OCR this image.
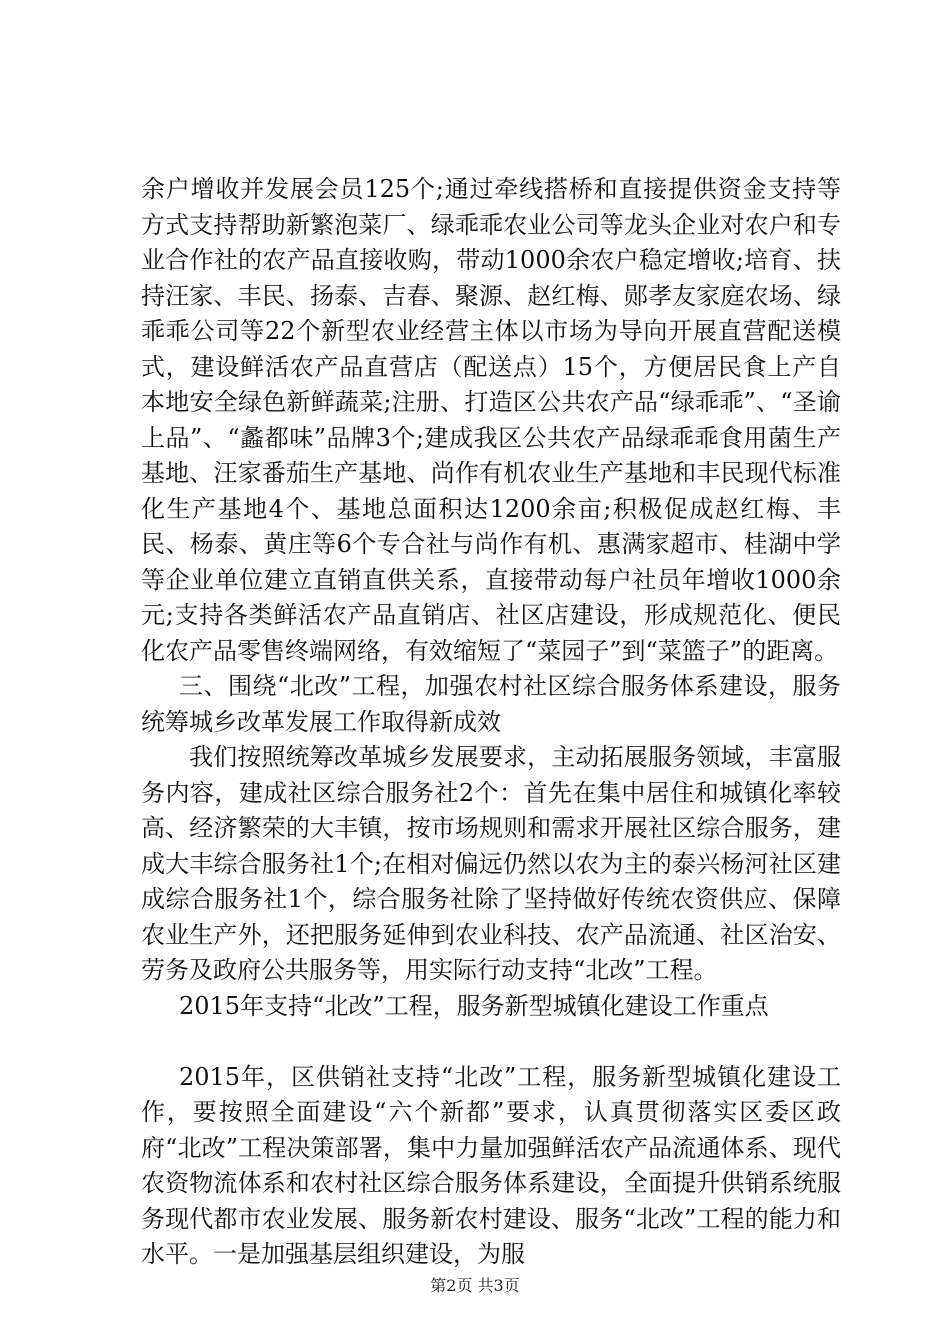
余户增收并发展会员125个;通过牵线搭桥和直接提供资金支持等方式支持帮助新繁泡菜厂、绿乖乖农业公司等龙头企业对农户和专业合作社的农产品直接收购，带动1000余农户稳定增收;培育、扶持汪家、丰民、扬泰、吉春、聚源、赵红梅、郧孝友家庭农场、绿乖乖公司等22个新型农业经营主体以市场为导向开展直营配送模式，建设鲜活农产品直营店（配送点）15个，方便居民食上产自本地安全绿色新鲜蔬菜;注册、打造区公共农产品“绿乖乖”、“圣谕上品”、“蠡都味”品牌3个;建成我区公共农产品绿乖乖食用菌生产基地、汪家番茄生产基地、尚作有机农业生产基地和丰民现代标准化生产基地4个、基地总面积达1200余亩;积极促成赵红梅、丰民、杨泰、黄庄等6个专合社与尚作有机、惠满家超市、桂湖中学等企业单位建立直销直供关系，直接带动每户社员年增收1000余元;支持各类鲜活农产品直销店、社区店建设，形成规范化、便民化农产品零售终端网络，有效缩短了“菜园子”到“菜篮子”的距离。

三、围绕“北改”工程，加强农村社区综合服务体系建设，服务统筹城乡改革发展工作取得新成效

我们按照统筹改革城乡发展要求，主动拓展服务领域，丰富服务内容，建成社区综合服务社2个：首先在集中居住和城镇化率较高、经济繁荣的大丰镇，按市场规则和需求开展社区综合服务，建成大丰综合服务社1个;在相对偏远仍然以农为主的泰兴杨河社区建成综合服务社1个，综合服务社除了坚持做好传统农资供应、保障农业生产外，还把服务延伸到农业科技、农产品流通、社区治安、劳务及政府公共服务等，用实际行动支持“北改”工程。

2015年支持“北改”工程，服务新型城镇化建设工作重点

2015年，区供销社支持“北改”工程，服务新型城镇化建设工作，要按照全面建设“六个新都”要求，认真贯彻落实区委区政府“北改”工程决策部署，集中力量加强鲜活农产品流通体系、现代农资物流体系和农村社区综合服务体系建设，全面提升供销系统服务现代都市农业发展、服务新农村建设、服务“北改”工程的能力和水平。一是加强基层组织建设，为服

第2页 共3页
